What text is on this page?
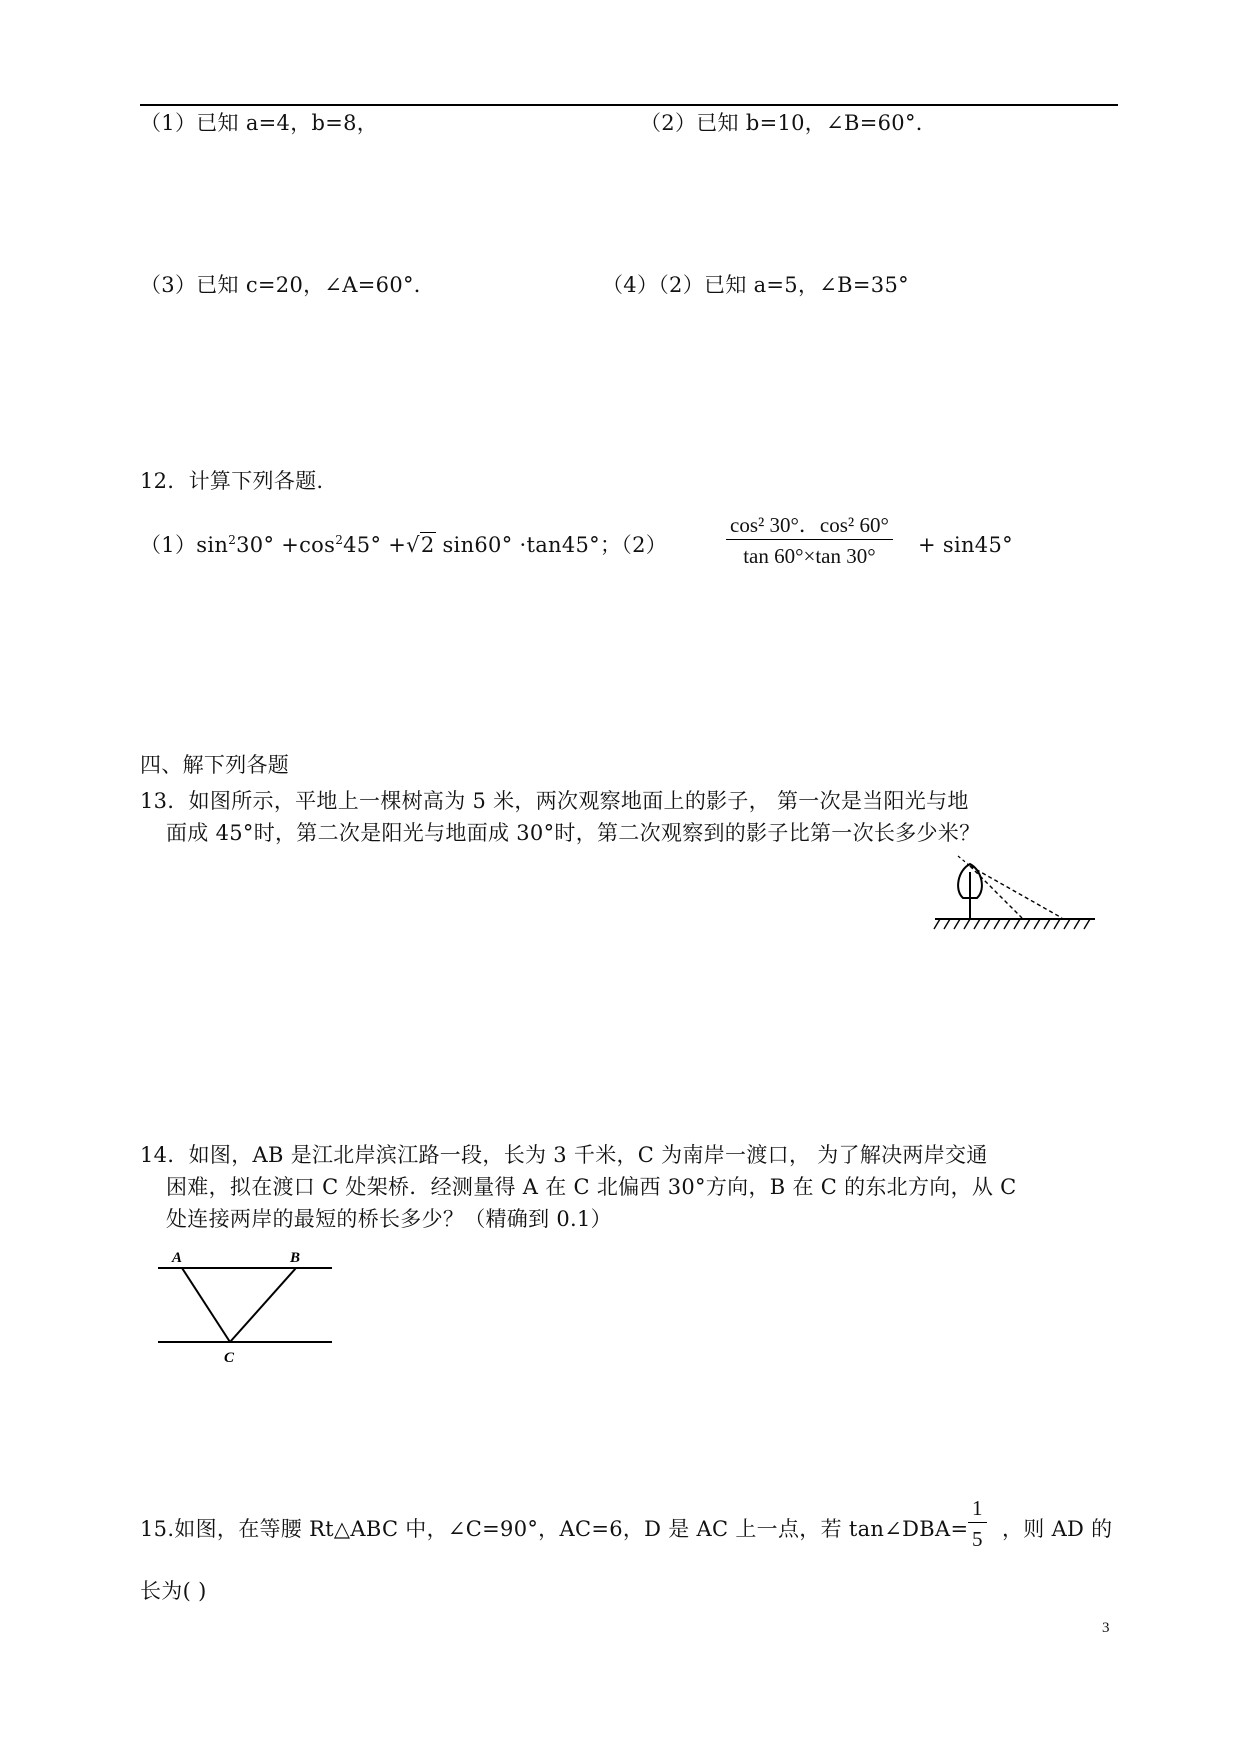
（1）已知 a=4，b=8，	（2）已知 b=10，∠B=60°．
（3）已知 c=20，∠A=60°．	（4）（2）已知 a=5，∠B=35°
12．计算下列各题.
$(1)\sin^230^\circ +\cos^245^\circ +√2$ sin60° ·tan45°；（2）	$\frac{\text{cos² 30°．cos² 60°}}{\tan 60^\circ\times\tan 30^\circ} + \sin 45^\circ$
四、解下列各题
13．如图所示，平地上一棵树高为 5 米，两次观察地面上的影子， 第一次是当阳光与地
面成 45°时，第二次是阳光与地面成 30°时，第二次观察到的影子比第一次长多少米？
14．如图，AB 是江北岸滨江路一段，长为 3 千米，C 为南岸一渡口， 为了解决两岸交通
困难，拟在渡口 C 处架桥．经测量得 A 在 C 北偏西 30°方向，B 在 C 的东北方向，从 C
处连接两岸的最短的桥长多少？（精确到 0.1）
A	B
C
15.如图，在等腰 Rt△ABC 中，∠C=90°，AC=6，D 是 AC 上一点，若 tan∠DBA= $\frac{1}{5}$ ，则 AD 的
长为( )
3
